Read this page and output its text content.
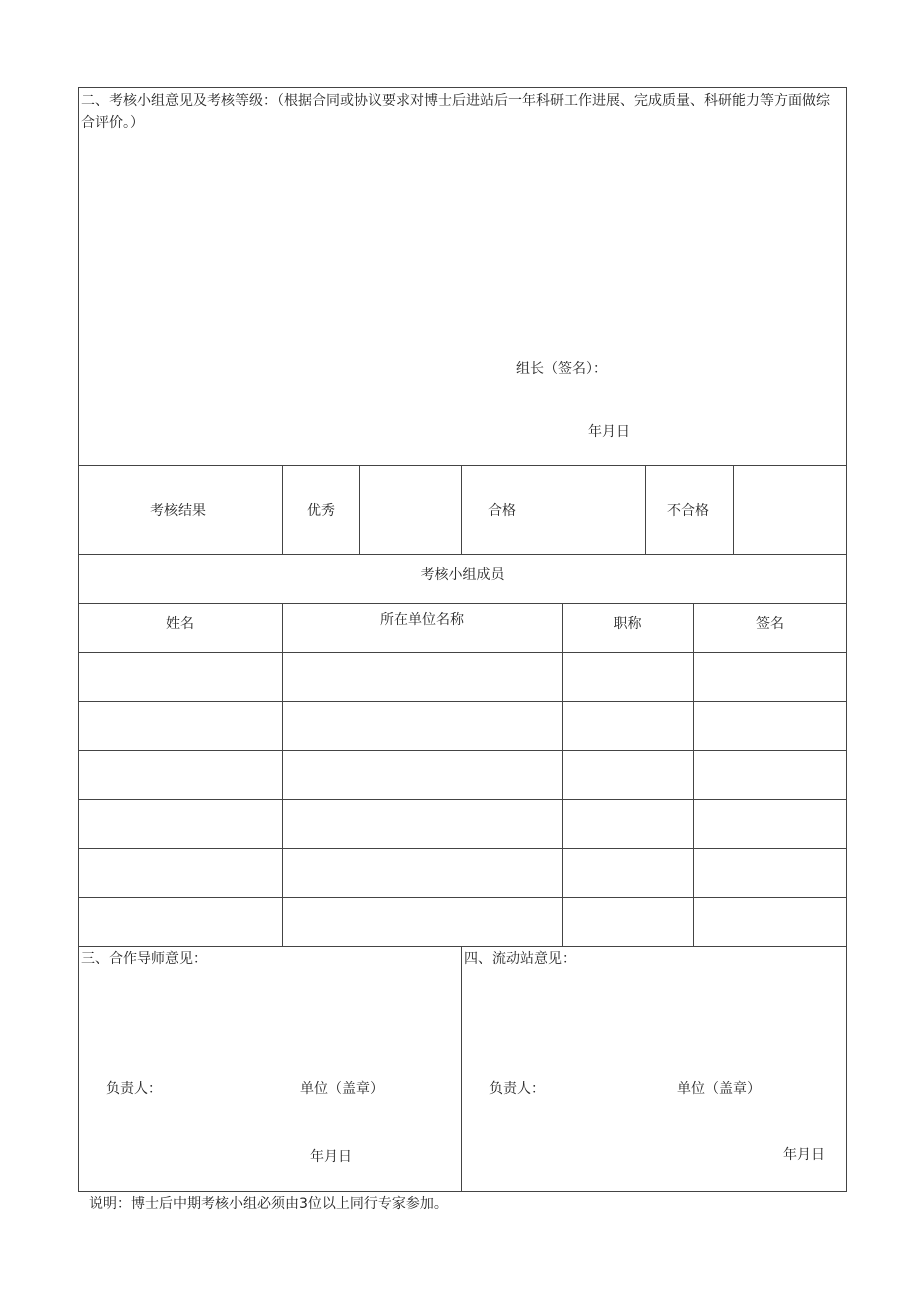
二、考核小组意见及考核等级：（根据合同或协议要求对博士后进站后一年科研工作进展、完成质量、科研能力等方面做综合评价。）
组长（签名）：
年月日
考核结果	优秀	合格	不合格
考核小组成员
姓名	所在单位名称	职称	签名
三、合作导师意见：
负责人：	单位（盖章）
年月日
四、流动站意见：
负责人：	单位（盖章）
年月日
说明：博士后中期考核小组必须由3位以上同行专家参加。
